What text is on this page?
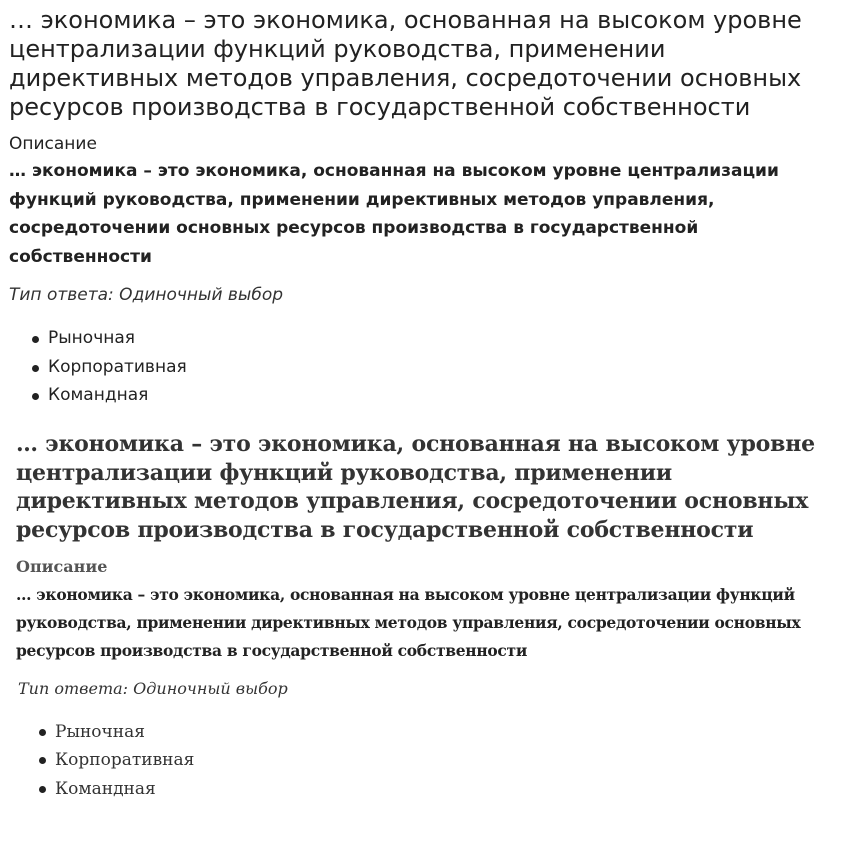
… экономика – это экономика, основанная на высоком уровне централизации функций руководства, применении директивных методов управления, сосредоточении основных ресурсов производства в государственной собственности
Описание
… экономика – это экономика, основанная на высоком уровне централизации функций руководства, применении директивных методов управления, сосредоточении основных ресурсов производства в государственной собственности
Тип ответа: Одиночный выбор
Рыночная
Корпоративная
Командная
… экономика – это экономика, основанная на высоком уровне централизации функций руководства, применении директивных методов управления, сосредоточении основных ресурсов производства в государственной собственности
Описание
… экономика – это экономика, основанная на высоком уровне централизации функций руководства, применении директивных методов управления, сосредоточении основных ресурсов производства в государственной собственности
Тип ответа: Одиночный выбор
Рыночная
Корпоративная
Командная
